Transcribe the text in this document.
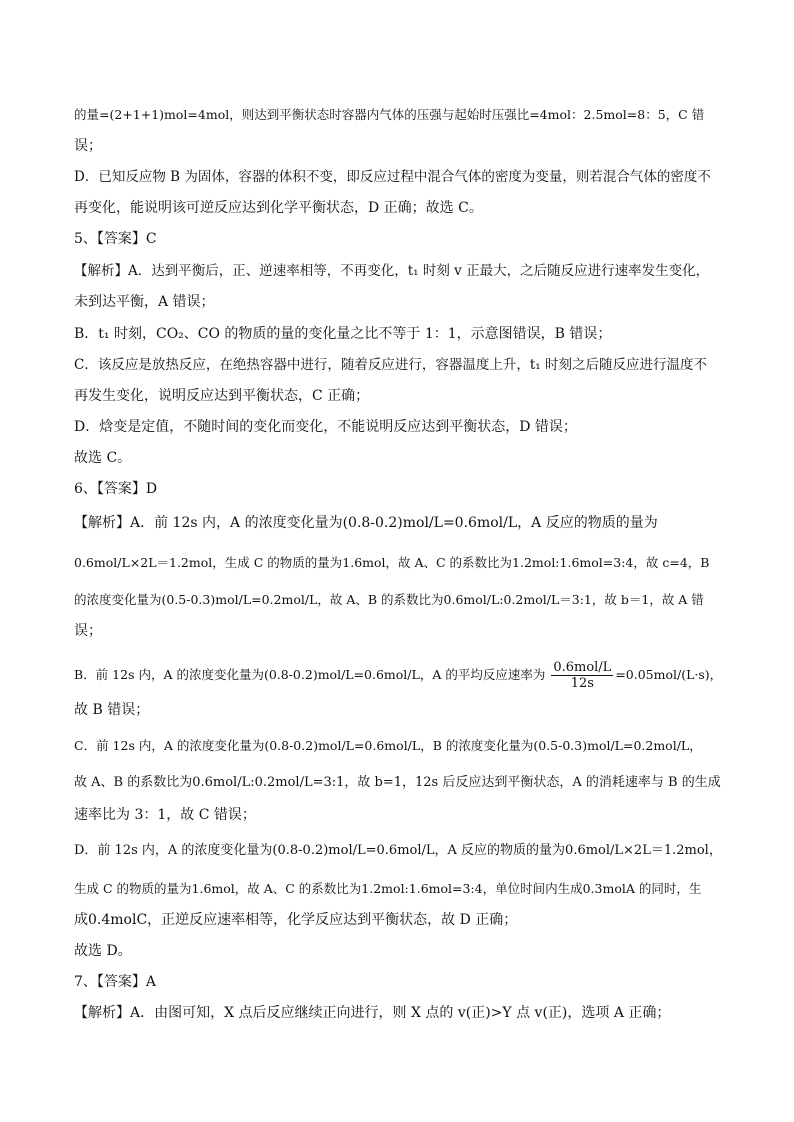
的量=(2+1+1)mol=4mol，则达到平衡状态时容器内气体的压强与起始时压强比=4mol：2.5mol=8：5，C 错
误；
D．已知反应物 B 为固体，容器的体积不变，即反应过程中混合气体的密度为变量，则若混合气体的密度不
再变化，能说明该可逆反应达到化学平衡状态，D 正确；故选 C。
5、【答案】C
【解析】A．达到平衡后，正、逆速率相等，不再变化，t₁ 时刻 v 正最大，之后随反应进行速率发生变化，
未到达平衡，A 错误；
B．t₁ 时刻，CO₂、CO 的物质的量的变化量之比不等于 1：1，示意图错误，B 错误；
C．该反应是放热反应，在绝热容器中进行，随着反应进行，容器温度上升，t₁ 时刻之后随反应进行温度不
再发生变化，说明反应达到平衡状态，C 正确；
D．焓变是定值，不随时间的变化而变化，不能说明反应达到平衡状态，D 错误；
故选 C。
6、【答案】D
【解析】A．前 12s 内，A 的浓度变化量为(0.8-0.2)mol/L=0.6mol/L，A 反应的物质的量为
0.6mol/L×2L＝1.2mol，生成 C 的物质的量为1.6mol，故 A、C 的系数比为1.2mol:1.6mol=3:4，故 c=4，B
的浓度变化量为(0.5-0.3)mol/L=0.2mol/L，故 A、B 的系数比为0.6mol/L:0.2mol/L＝3:1，故 b＝1，故 A 错
误；
B．前 12s 内，A 的浓度变化量为(0.8-0.2)mol/L=0.6mol/L，A 的平均反应速率为 $\frac{\text{0.6mol/L}}{12s} =0.05mol/(L\cdot s)$，
故 B 错误；
C．前 12s 内，A 的浓度变化量为(0.8-0.2)mol/L=0.6mol/L，B 的浓度变化量为(0.5-0.3)mol/L=0.2mol/L，
故 A、B 的系数比为0.6mol/L:0.2mol/L=3:1，故 b=1，12s 后反应达到平衡状态，A 的消耗速率与 B 的生成
速率比为 3：1，故 C 错误；
D．前 12s 内，A 的浓度变化量为(0.8-0.2)mol/L=0.6mol/L，A 反应的物质的量为0.6mol/L×2L＝1.2mol，
生成 C 的物质的量为1.6mol，故 A、C 的系数比为1.2mol:1.6mol=3:4，单位时间内生成0.3molA 的同时，生
成0.4molC，正逆反应速率相等，化学反应达到平衡状态，故 D 正确；
故选 D。
7、【答案】A
【解析】A．由图可知，X 点后反应继续正向进行，则 X 点的 v(正)>Y 点 v(正)，选项 A 正确；
